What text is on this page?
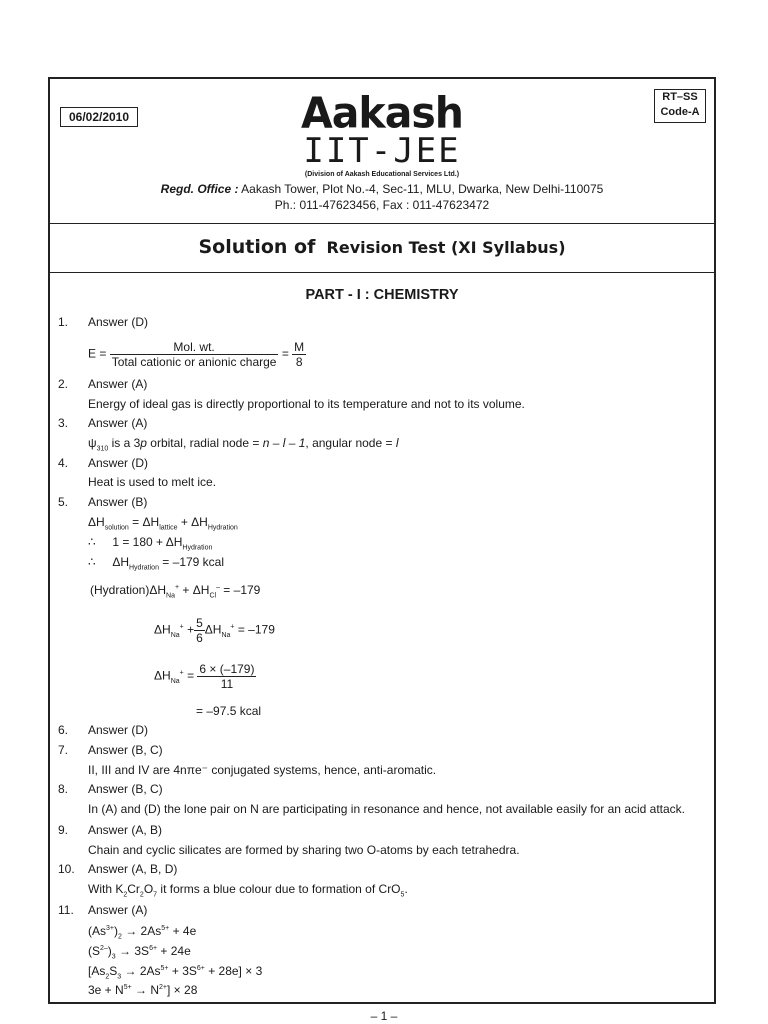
06/02/2010
RT–SS
Code-A
Aakash
IIT-JEE
(Division of Aakash Educational Services Ltd.)
Regd. Office : Aakash Tower, Plot No.-4, Sec-11, MLU, Dwarka, New Delhi-110075
Ph.: 011-47623456, Fax : 011-47623472
Solution of Revision Test (XI Syllabus)
PART - I : CHEMISTRY
1. Answer (D)
$E = \frac{\text{Mol. wt.}}{\text{Total cationic or anionic charge}} = \frac{M}{8}$
2. Answer (A)
Energy of ideal gas is directly proportional to its temperature and not to its volume.
3. Answer (A)
$\psi_{310}$ is a 3p orbital, radial node = n – l – 1, angular node = l
4. Answer (D)
Heat is used to melt ice.
5. Answer (B)
$\Delta H_{solution} = \Delta H_{lattice} + \Delta H_{Hydration}$
∴ $1 = 180 + \Delta H_{Hydration}$
∴ $\Delta H_{Hydration} = -179$ kcal
$(Hydration)\Delta H_{Na}^+ + \Delta H_{Cl}^- = -179$
$\Delta H_{Na}^+ + \frac{5}{6} \Delta H_{Na}^+ = -179$
$\Delta H_{Na}^+ = \frac{6 \times (-179)}{11}$
= –97.5 kcal
6. Answer (D)
7. Answer (B, C)
II, III and IV are 4nπe⁻ conjugated systems, hence, anti-aromatic.
8. Answer (B, C)
In (A) and (D) the lone pair on N are participating in resonance and hence, not available easily for an acid attack.
9. Answer (A, B)
Chain and cyclic silicates are formed by sharing two O-atoms by each tetrahedra.
10. Answer (A, B, D)
With $K_2Cr_2O_7$ it forms a blue colour due to formation of CrO$_5$.
11. Answer (A)
$(As^{3+})_2 \to 2As^{5+} + 4e$
$(S^{2-})_3 \to 3S^{6+} + 24e$
$[As_2S_3 \to 2As^{5+} + 3S^{6+} + 28e] \times 3$
$3e + N^{5+} \to N^{2+}] \times 28$
– 1 –
